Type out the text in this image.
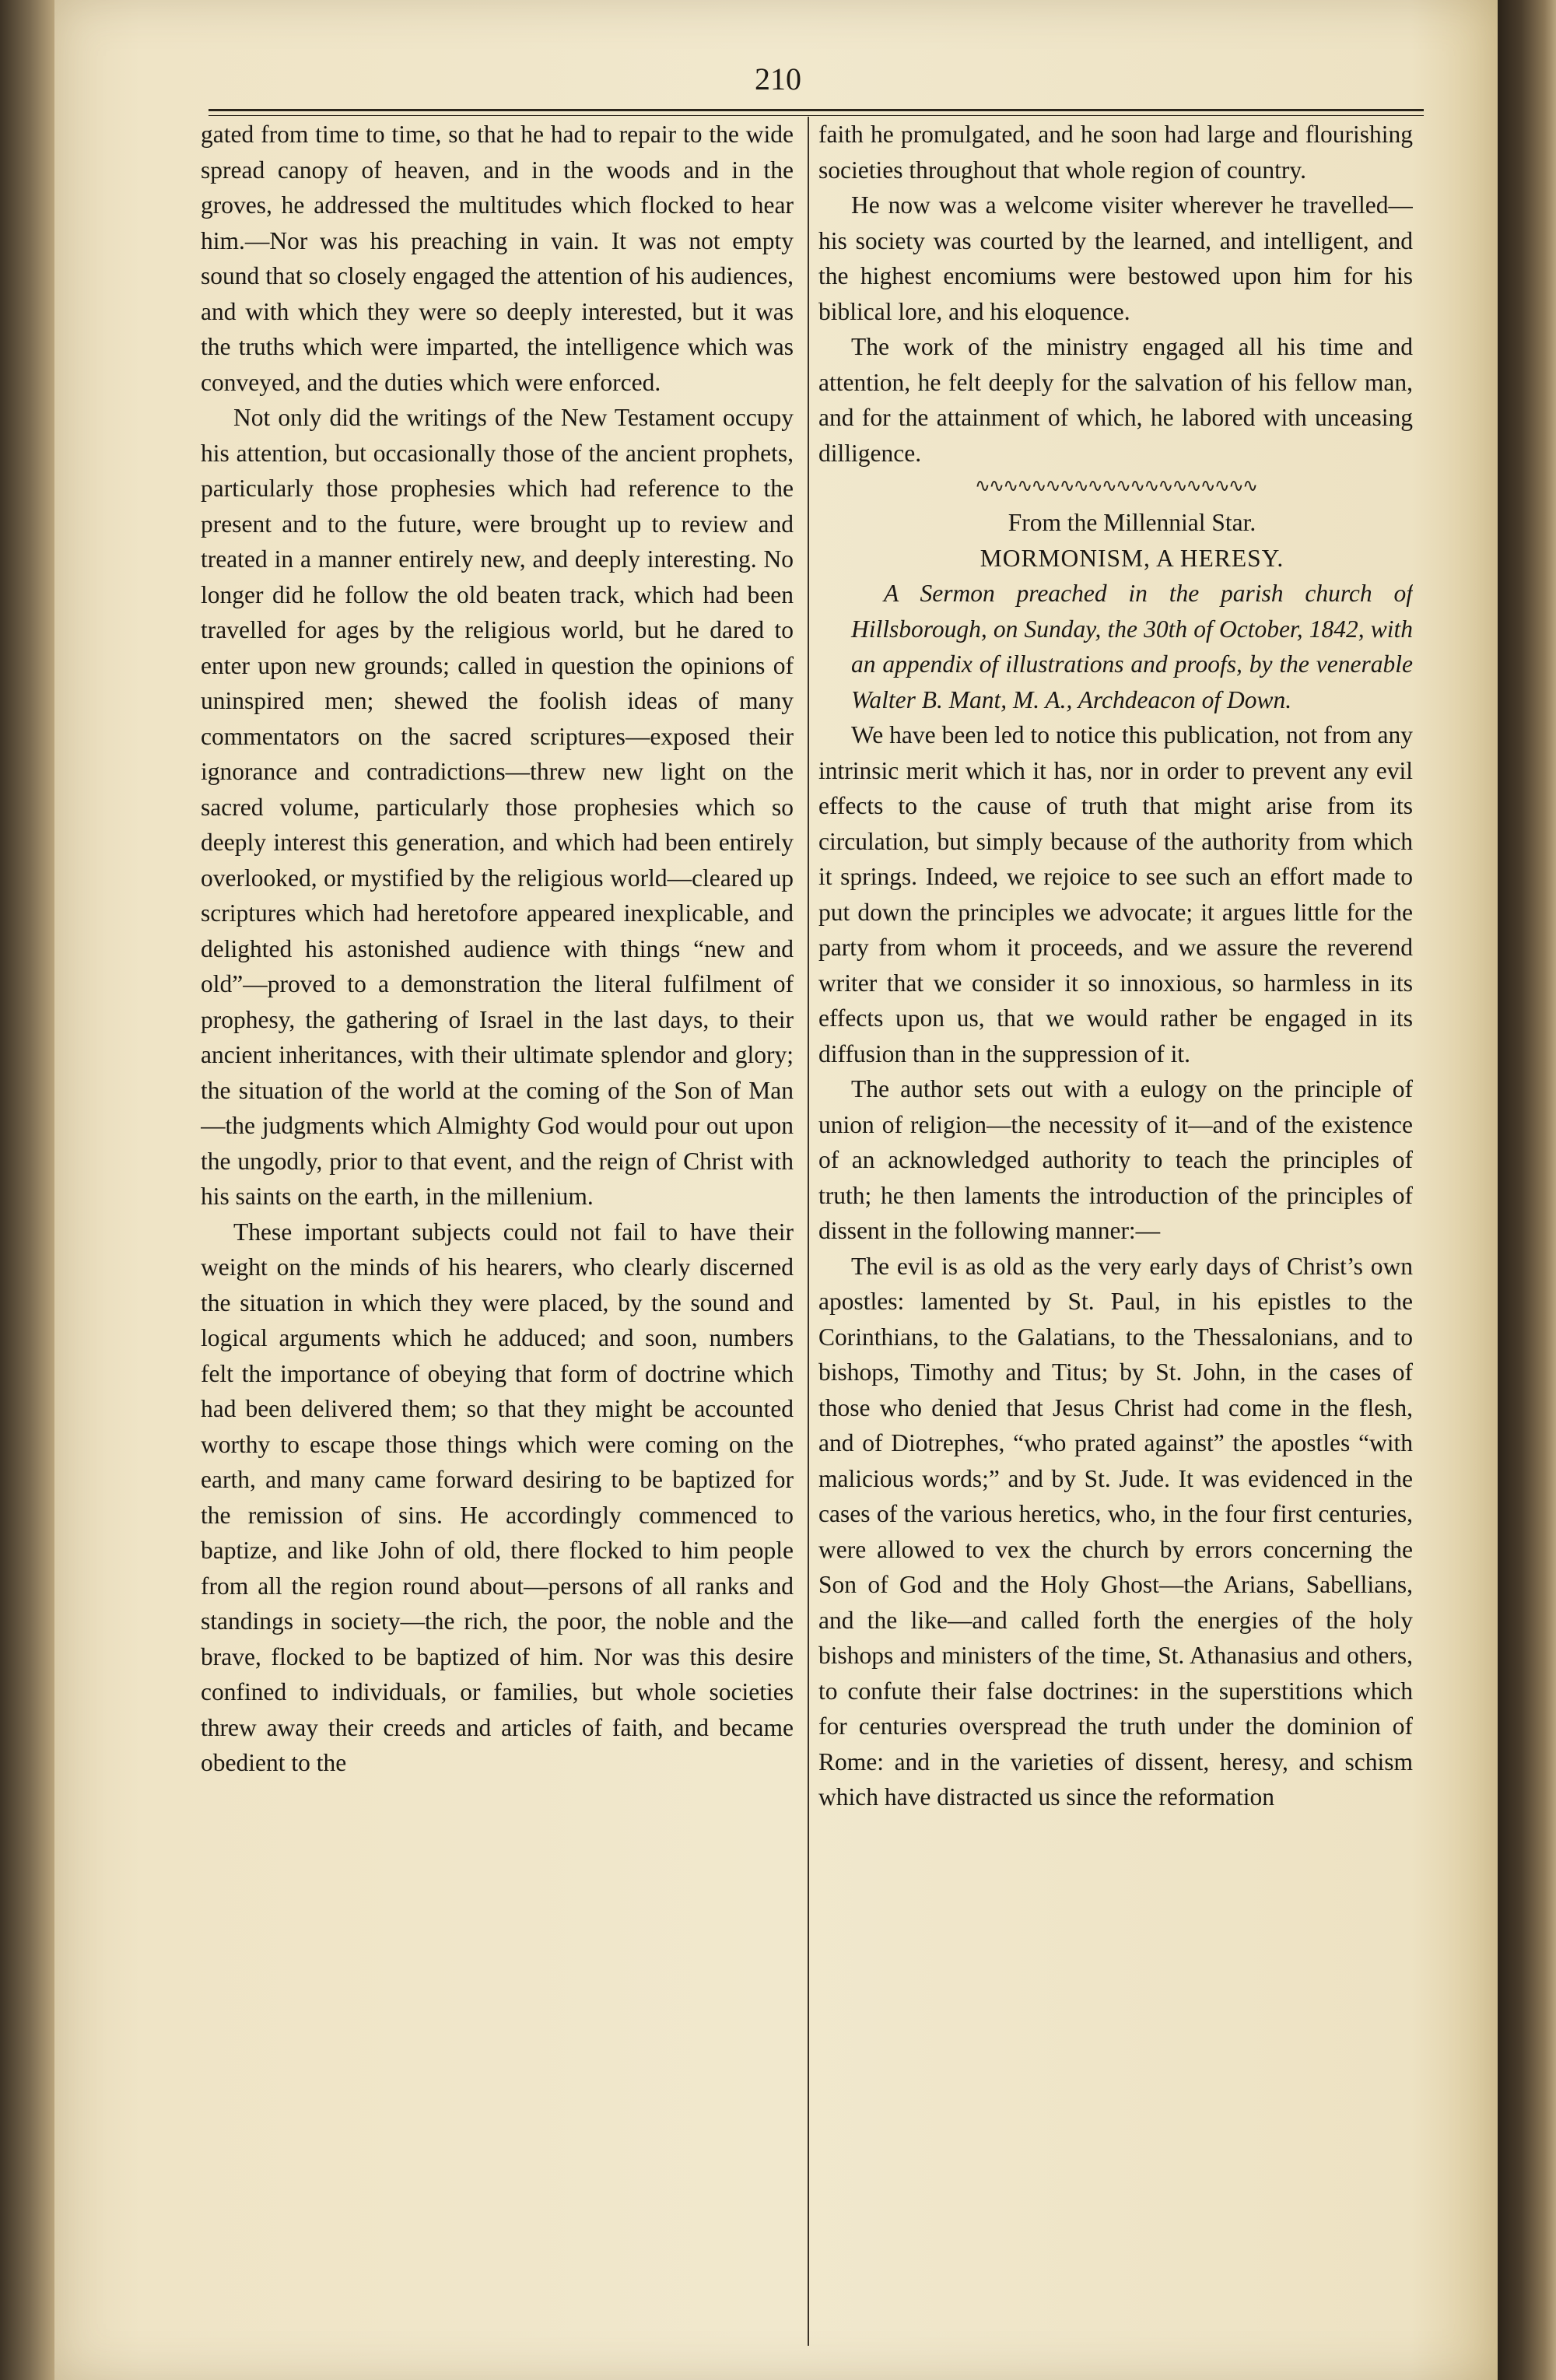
210

gated from time to time, so that he had to repair to the wide spread canopy of heaven, and in the woods and in the groves, he addressed the multitudes which flocked to hear him.—Nor was his preaching in vain. It was not empty sound that so closely engaged the attention of his audiences, and with which they were so deeply interested, but it was the truths which were imparted, the intelligence which was conveyed, and the duties which were enforced.

Not only did the writings of the New Testament occupy his attention, but occasionally those of the ancient prophets, particularly those prophesies which had reference to the present and to the future, were brought up to review and treated in a manner entirely new, and deeply interesting. No longer did he follow the old beaten track, which had been travelled for ages by the religious world, but he dared to enter upon new grounds; called in question the opinions of uninspired men; shewed the foolish ideas of many commentators on the sacred scriptures—exposed their ignorance and contradictions—threw new light on the sacred volume, particularly those prophesies which so deeply interest this generation, and which had been entirely overlooked, or mystified by the religious world—cleared up scriptures which had heretofore appeared inexplicable, and delighted his astonished audience with things “new and old”—proved to a demonstration the literal fulfilment of prophesy, the gathering of Israel in the last days, to their ancient inheritances, with their ultimate splendor and glory; the situation of the world at the coming of the Son of Man—the judgments which Almighty God would pour out upon the ungodly, prior to that event, and the reign of Christ with his saints on the earth, in the millenium.

These important subjects could not fail to have their weight on the minds of his hearers, who clearly discerned the situation in which they were placed, by the sound and logical arguments which he adduced; and soon, numbers felt the importance of obeying that form of doctrine which had been delivered them; so that they might be accounted worthy to escape those things which were coming on the earth, and many came forward desiring to be baptized for the remission of sins. He accordingly commenced to baptize, and like John of old, there flocked to him people from all the region round about—persons of all ranks and standings in society—the rich, the poor, the noble and the brave, flocked to be baptized of him. Nor was this desire confined to individuals, or families, but whole societies threw away their creeds and articles of faith, and became obedient to the

faith he promulgated, and he soon had large and flourishing societies throughout that whole region of country.

He now was a welcome visiter wherever he travelled—his society was courted by the learned, and intelligent, and the highest encomiums were bestowed upon him for his biblical lore, and his eloquence.

The work of the ministry engaged all his time and attention, he felt deeply for the salvation of his fellow man, and for the attainment of which, he labored with unceasing dilligence.

∿∿∿∿∿∿∿∿∿∿∿∿∿∿∿∿∿∿∿∿

From the Millennial Star.

MORMONISM, A HERESY.

A Sermon preached in the parish church of Hillsborough, on Sunday, the 30th of October, 1842, with an appendix of illustrations and proofs, by the venerable Walter B. Mant, M. A., Archdeacon of Down.

We have been led to notice this publication, not from any intrinsic merit which it has, nor in order to prevent any evil effects to the cause of truth that might arise from its circulation, but simply because of the authority from which it springs. Indeed, we rejoice to see such an effort made to put down the principles we advocate; it argues little for the party from whom it proceeds, and we assure the reverend writer that we consider it so innoxious, so harmless in its effects upon us, that we would rather be engaged in its diffusion than in the suppression of it.

The author sets out with a eulogy on the principle of union of religion—the necessity of it—and of the existence of an acknowledged authority to teach the principles of truth; he then laments the introduction of the principles of dissent in the following manner:—

The evil is as old as the very early days of Christ’s own apostles: lamented by St. Paul, in his epistles to the Corinthians, to the Galatians, to the Thessalonians, and to bishops, Timothy and Titus; by St. John, in the cases of those who denied that Jesus Christ had come in the flesh, and of Diotrephes, “who prated against” the apostles “with malicious words;” and by St. Jude. It was evidenced in the cases of the various heretics, who, in the four first centuries, were allowed to vex the church by errors concerning the Son of God and the Holy Ghost—the Arians, Sabellians, and the like—and called forth the energies of the holy bishops and ministers of the time, St. Athanasius and others, to confute their false doctrines: in the superstitions which for centuries overspread the truth under the dominion of Rome: and in the varieties of dissent, heresy, and schism which have distracted us since the reformation
